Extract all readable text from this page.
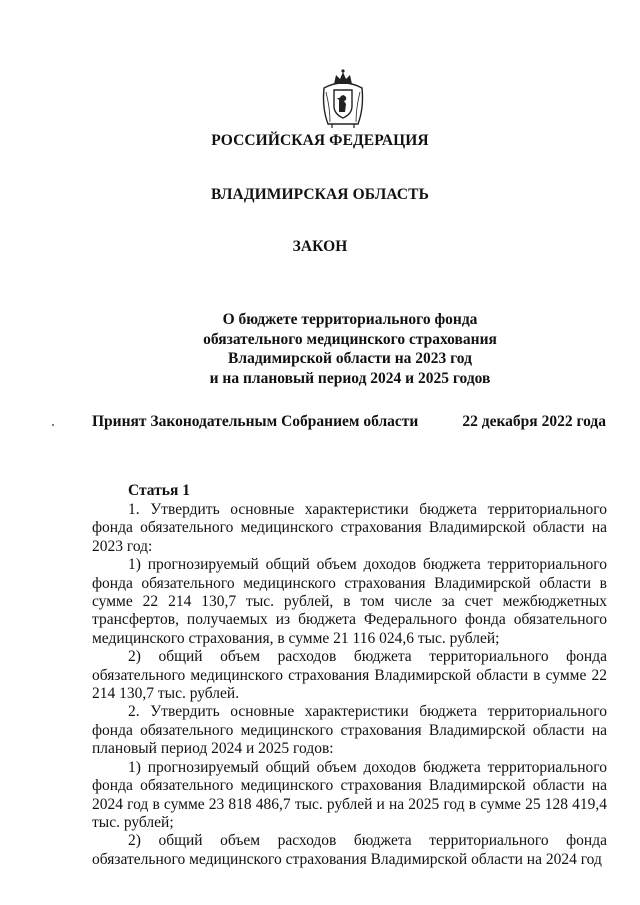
РОССИЙСКАЯ ФЕДЕРАЦИЯ
ВЛАДИМИРСКАЯ ОБЛАСТЬ
ЗАКОН
О бюджете территориального фонда
обязательного медицинского страхования
Владимирской области на 2023 год
и на плановый период 2024 и 2025 годов
Принят Законодательным Собранием области	22 декабря 2022 года
Статья 1

1. Утвердить основные характеристики бюджета территориального фонда обязательного медицинского страхования Владимирской области на 2023 год:

1) прогнозируемый общий объем доходов бюджета территориального фонда обязательного медицинского страхования Владимирской области в сумме 22 214 130,7 тыс. рублей, в том числе за счет межбюджетных трансфертов, получаемых из бюджета Федерального фонда обязательного медицинского страхования, в сумме 21 116 024,6 тыс. рублей;

2) общий объем расходов бюджета территориального фонда обязательного медицинского страхования Владимирской области в сумме 22 214 130,7 тыс. рублей.

2. Утвердить основные характеристики бюджета территориального фонда обязательного медицинского страхования Владимирской области на плановый период 2024 и 2025 годов:

1) прогнозируемый общий объем доходов бюджета территориального фонда обязательного медицинского страхования Владимирской области на 2024 год в сумме 23 818 486,7 тыс. рублей и на 2025 год в сумме 25 128 419,4 тыс. рублей;

2) общий объем расходов бюджета территориального фонда обязательного медицинского страхования Владимирской области на 2024 год
